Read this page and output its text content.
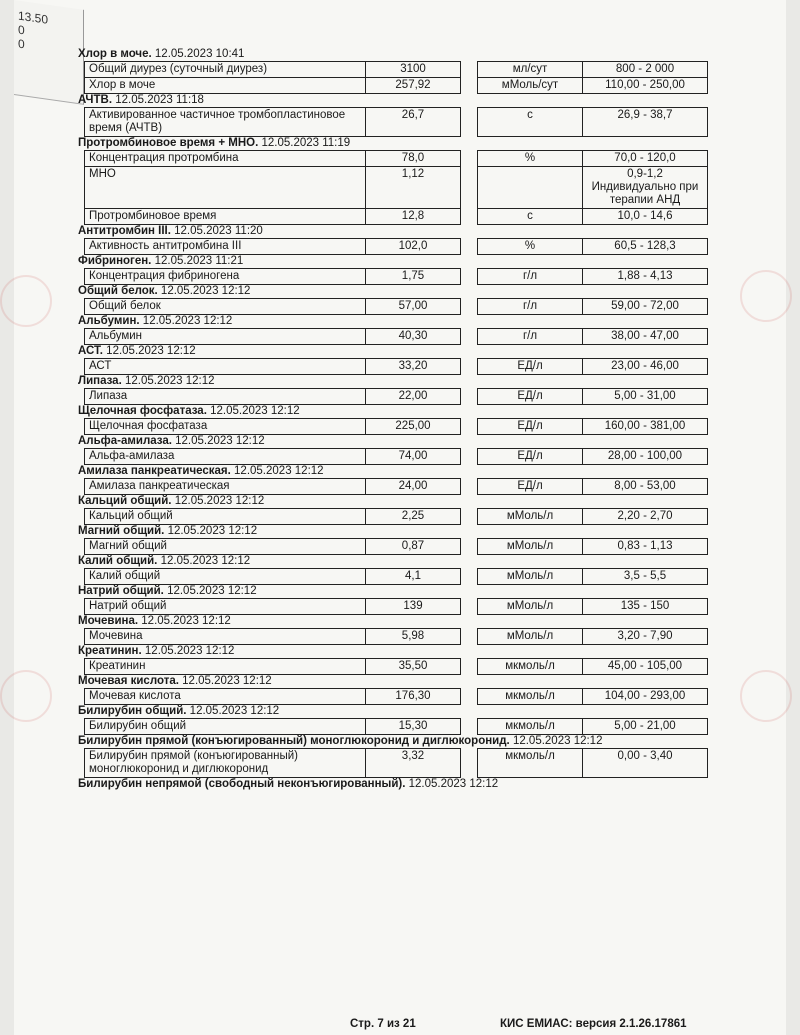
13.50
0
0
Хлор в моче. 12.05.2023 10:41
Общий диурез (суточный диурез)	3100		мл/сут	800 - 2 000
Хлор в моче	257,92		мМоль/сут	110,00 - 250,00
АЧТВ. 12.05.2023 11:18
Активированное частичное тромбопластиновое время (АЧТВ)	26,7		с	26,9 - 38,7
Протромбиновое время + МНО. 12.05.2023 11:19
Концентрация протромбина	78,0		%	70,0 - 120,0
МНО	1,12			0,9-1,2 Индивидуально при терапии АНД
Протромбиновое время	12,8		с	10,0 - 14,6
Антитромбин III. 12.05.2023 11:20
Активность антитромбина III	102,0		%	60,5 - 128,3
Фибриноген. 12.05.2023 11:21
Концентрация фибриногена	1,75		г/л	1,88 - 4,13
Общий белок. 12.05.2023 12:12
Общий белок	57,00		г/л	59,00 - 72,00
Альбумин. 12.05.2023 12:12
Альбумин	40,30		г/л	38,00 - 47,00
АСТ. 12.05.2023 12:12
АСТ	33,20		ЕД/л	23,00 - 46,00
Липаза. 12.05.2023 12:12
Липаза	22,00		ЕД/л	5,00 - 31,00
Щелочная фосфатаза. 12.05.2023 12:12
Щелочная фосфатаза	225,00		ЕД/л	160,00 - 381,00
Альфа-амилаза. 12.05.2023 12:12
Альфа-амилаза	74,00		ЕД/л	28,00 - 100,00
Амилаза панкреатическая. 12.05.2023 12:12
Амилаза панкреатическая	24,00		ЕД/л	8,00 - 53,00
Кальций общий. 12.05.2023 12:12
Кальций общий	2,25		мМоль/л	2,20 - 2,70
Магний общий. 12.05.2023 12:12
Магний общий	0,87		мМоль/л	0,83 - 1,13
Калий общий. 12.05.2023 12:12
Калий общий	4,1		мМоль/л	3,5 - 5,5
Натрий общий. 12.05.2023 12:12
Натрий общий	139		мМоль/л	135 - 150
Мочевина. 12.05.2023 12:12
Мочевина	5,98		мМоль/л	3,20 - 7,90
Креатинин. 12.05.2023 12:12
Креатинин	35,50		мкмоль/л	45,00 - 105,00
Мочевая кислота. 12.05.2023 12:12
Мочевая кислота	176,30		мкмоль/л	104,00 - 293,00
Билирубин общий. 12.05.2023 12:12
Билирубин общий	15,30		мкмоль/л	5,00 - 21,00
Билирубин прямой (конъюгированный) моноглюкоронид и диглюкоронид. 12.05.2023 12:12
Билирубин прямой (конъюгированный) моноглюкоронид и диглюкоронид	3,32		мкмоль/л	0,00 - 3,40
Билирубин непрямой (свободный неконъюгированный). 12.05.2023 12:12
Стр. 7 из 21	КИС ЕМИАС: версия 2.1.26.17861
